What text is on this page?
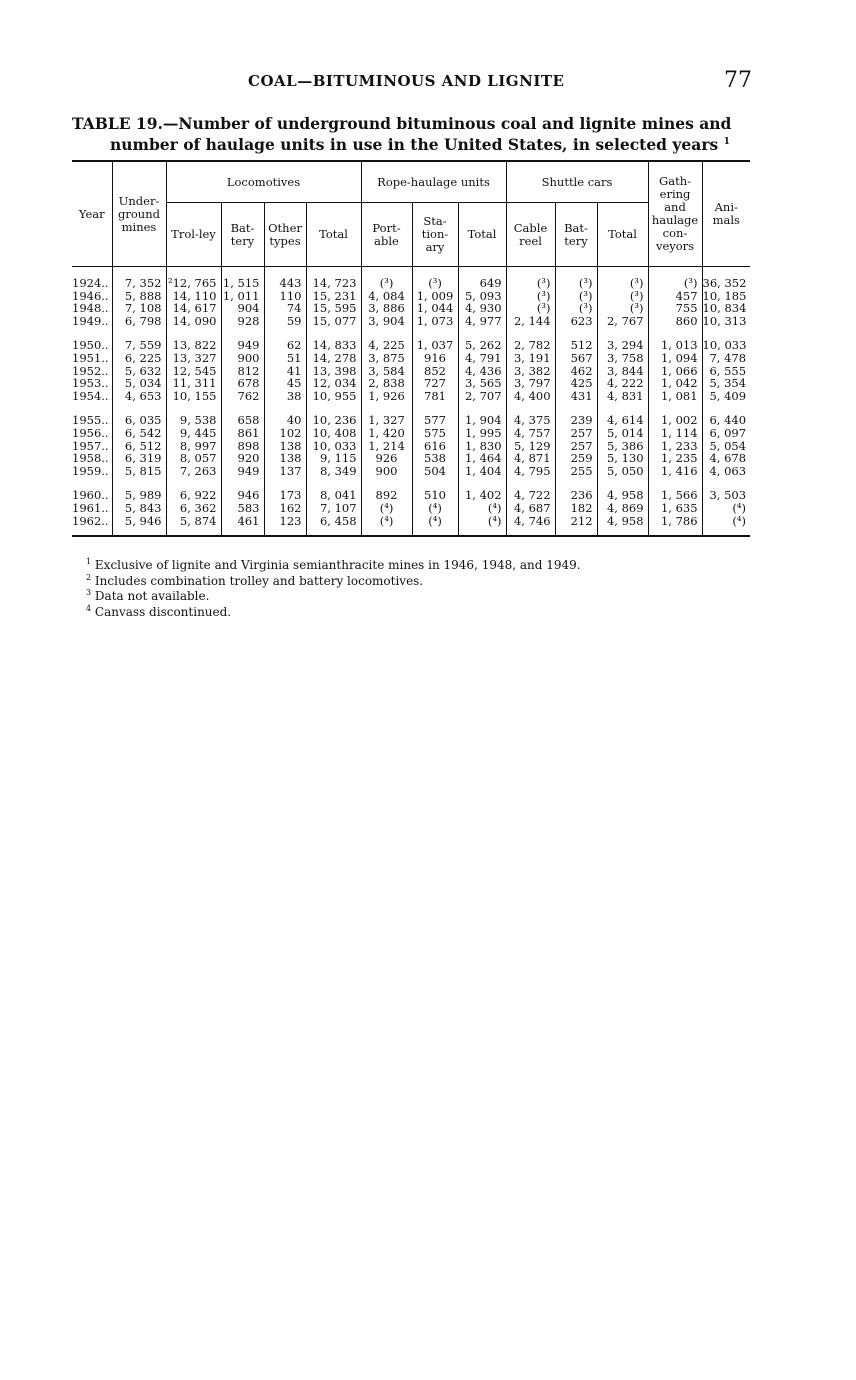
COAL—BITUMINOUS AND LIGNITE	77
TABLE 19.—Number of underground bituminous coal and lignite mines and
number of haulage units in use in the United States, in selected years $^1$
Year	Under-ground mines	Locomotives				Rope-haulage units			Shuttle cars			Gath-ering and haulage con-veyors	Ani-mals
		Trol-ley	Bat-tery	Other types	Total	Port-able	Sta-tion-ary	Total	Cable reel	Bat-tery	Total		

1924..	7, 352	²12, 765	1, 515	443	14, 723	(³)	(³)	649	(³)	(³)	(³)	(³)	36, 352
1946..	5, 888	14, 110	1, 011	110	15, 231	4, 084	1, 009	5, 093	(³)	(³)	(³)	457	10, 185
1948..	7, 108	14, 617	904	74	15, 595	3, 886	1, 044	4, 930	(³)	(³)	(³)	755	10, 834
1949..	6, 798	14, 090	928	59	15, 077	3, 904	1, 073	4, 977	2, 144	623	2, 767	860	10, 313

1950..	7, 559	13, 822	949	62	14, 833	4, 225	1, 037	5, 262	2, 782	512	3, 294	1, 013	10, 033
1951..	6, 225	13, 327	900	51	14, 278	3, 875	916	4, 791	3, 191	567	3, 758	1, 094	7, 478
1952..	5, 632	12, 545	812	41	13, 398	3, 584	852	4, 436	3, 382	462	3, 844	1, 066	6, 555
1953..	5, 034	11, 311	678	45	12, 034	2, 838	727	3, 565	3, 797	425	4, 222	1, 042	5, 354
1954..	4, 653	10, 155	762	38	10, 955	1, 926	781	2, 707	4, 400	431	4, 831	1, 081	5, 409

1955..	6, 035	9, 538	658	40	10, 236	1, 327	577	1, 904	4, 375	239	4, 614	1, 002	6, 440
1956..	6, 542	9, 445	861	102	10, 408	1, 420	575	1, 995	4, 757	257	5, 014	1, 114	6, 097
1957..	6, 512	8, 997	898	138	10, 033	1, 214	616	1, 830	5, 129	257	5, 386	1, 233	5, 054
1958..	6, 319	8, 057	920	138	9, 115	926	538	1, 464	4, 871	259	5, 130	1, 235	4, 678
1959..	5, 815	7, 263	949	137	8, 349	900	504	1, 404	4, 795	255	5, 050	1, 416	4, 063

1960..	5, 989	6, 922	946	173	8, 041	892	510	1, 402	4, 722	236	4, 958	1, 566	3, 503
1961..	5, 843	6, 362	583	162	7, 107	(⁴)	(⁴)	(⁴)	4, 687	182	4, 869	1, 635	(⁴)
1962..	5, 946	5, 874	461	123	6, 458	(⁴)	(⁴)	(⁴)	4, 746	212	4, 958	1, 786	(⁴)

$^1$ Exclusive of lignite and Virginia semianthracite mines in 1946, 1948, and 1949.
$^2$ Includes combination trolley and battery locomotives.
$^3$ Data not available.
$^4$ Canvass discontinued.
